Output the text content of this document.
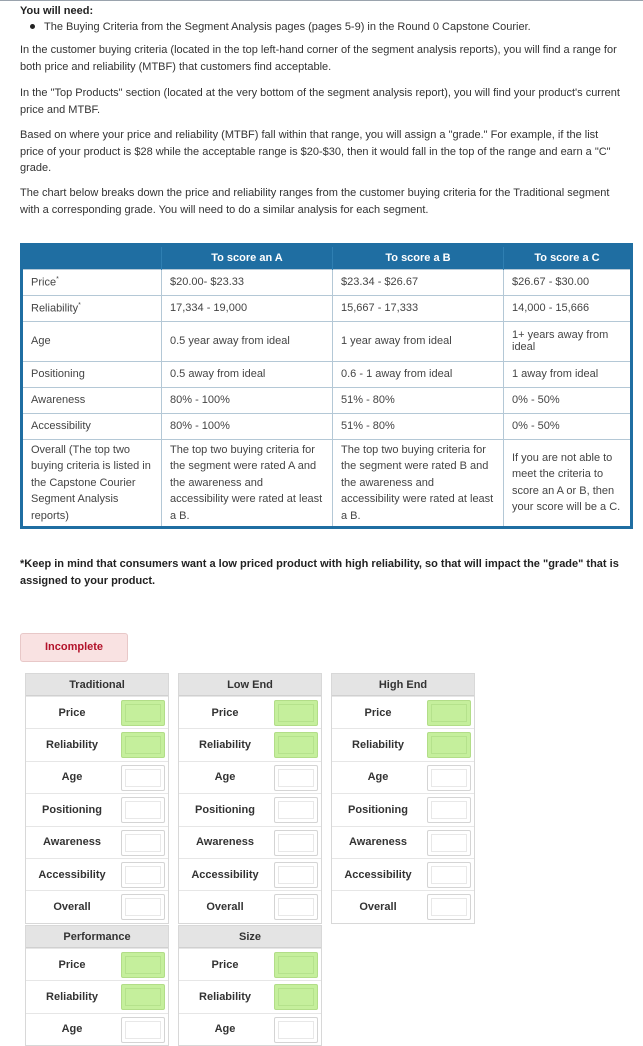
You will need:
The Buying Criteria from the Segment Analysis pages (pages 5-9) in the Round 0 Capstone Courier.

In the customer buying criteria (located in the top left-hand corner of the segment analysis reports), you will find a range for both price and reliability (MTBF) that customers find acceptable.

In the "Top Products" section (located at the very bottom of the segment analysis report), you will find your product's current price and MTBF.

Based on where your price and reliability (MTBF) fall within that range, you will assign a "grade." For example, if the list price of your product is $28 while the acceptable range is $20-$30, then it would fall in the top of the range and earn a "C" grade.

The chart below breaks down the price and reliability ranges from the customer buying criteria for the Traditional segment with a corresponding grade. You will need to do a similar analysis for each segment.

	To score an A	To score a B	To score a C
Price*	$20.00- $23.33	$23.34 - $26.67	$26.67 - $30.00
Reliability*	17,334 - 19,000	15,667 - 17,333	14,000 - 15,666
Age	0.5 year away from ideal	1 year away from ideal	1+ years away from ideal
Positioning	0.5 away from ideal	0.6 - 1 away from ideal	1 away from ideal
Awareness	80% - 100%	51% - 80%	0% - 50%
Accessibility	80% - 100%	51% - 80%	0% - 50%
Overall (The top two buying criteria is listed in the Capstone Courier Segment Analysis reports)	The top two buying criteria for the segment were rated A and the awareness and accessibility were rated at least a B.	The top two buying criteria for the segment were rated B and the awareness and accessibility were rated at least a B.	If you are not able to meet the criteria to score an A or B, then your score will be a C.

*Keep in mind that consumers want a low priced product with high reliability, so that will impact the "grade" that is assigned to your product.

Incomplete
Traditional
Price
Reliability
Age
Positioning
Awareness
Accessibility
Overall
Low End
Price
Reliability
Age
Positioning
Awareness
Accessibility
Overall
High End
Price
Reliability
Age
Positioning
Awareness
Accessibility
Overall
Performance
Price
Reliability
Age
Size
Price
Reliability
Age
